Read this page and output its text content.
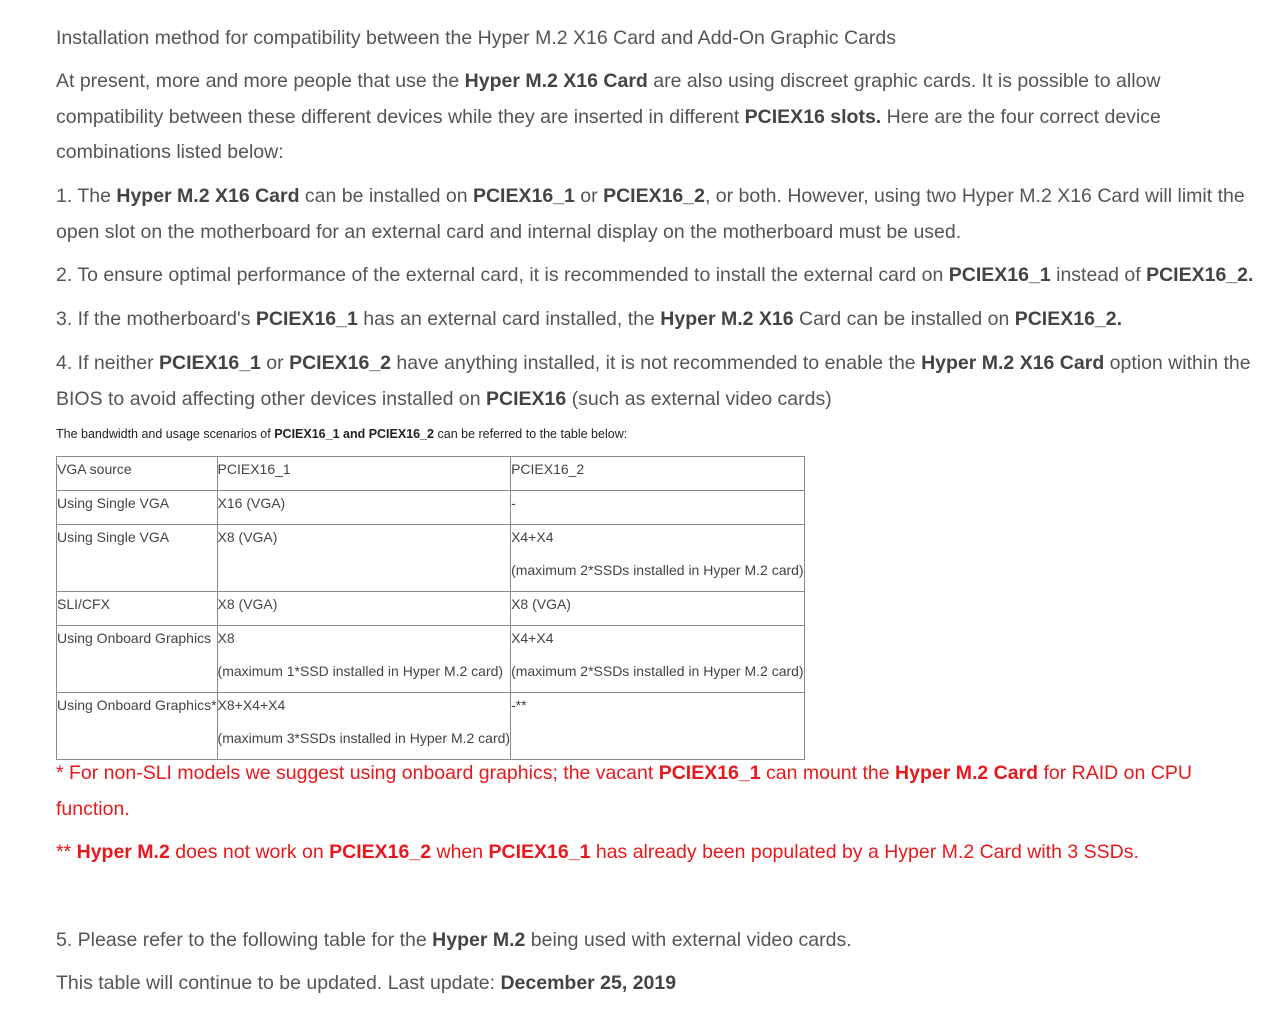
Installation method for compatibility between the Hyper M.2 X16 Card and Add-On Graphic Cards

At present, more and more people that use the Hyper M.2 X16 Card are also using discreet graphic cards. It is possible to allow
compatibility between these different devices while they are inserted in different PCIEX16 slots. Here are the four correct device
combinations listed below:

1. The Hyper M.2 X16 Card can be installed on PCIEX16_1 or PCIEX16_2, or both. However, using two Hyper M.2 X16 Card will limit the
open slot on the motherboard for an external card and internal display on the motherboard must be used.

2. To ensure optimal performance of the external card, it is recommended to install the external card on PCIEX16_1 instead of PCIEX16_2.

3. If the motherboard's PCIEX16_1 has an external card installed, the Hyper M.2 X16 Card can be installed on PCIEX16_2.

4. If neither PCIEX16_1 or PCIEX16_2 have anything installed, it is not recommended to enable the Hyper M.2 X16 Card option within the
BIOS to avoid affecting other devices installed on PCIEX16 (such as external video cards)

The bandwidth and usage scenarios of PCIEX16_1 and PCIEX16_2 can be referred to the table below:

VGA source	PCIEX16_1	PCIEX16_2

Using Single VGA	X16 (VGA)	-

Using Single VGA	X8 (VGA)	X4+X4
(maximum 2*SSDs installed in Hyper M.2 card)

SLI/CFX	X8 (VGA)	X8 (VGA)

Using Onboard Graphics	X8
(maximum 1*SSD installed in Hyper M.2 card)	X4+X4
(maximum 2*SSDs installed in Hyper M.2 card)

Using Onboard Graphics*	X8+X4+X4
(maximum 3*SSDs installed in Hyper M.2 card)	-**

* For non-SLI models we suggest using onboard graphics; the vacant PCIEX16_1 can mount the Hyper M.2 Card for RAID on CPU
function.

** Hyper M.2 does not work on PCIEX16_2 when PCIEX16_1 has already been populated by a Hyper M.2 Card with 3 SSDs.

5. Please refer to the following table for the Hyper M.2 being used with external video cards.

This table will continue to be updated. Last update: December 25, 2019
